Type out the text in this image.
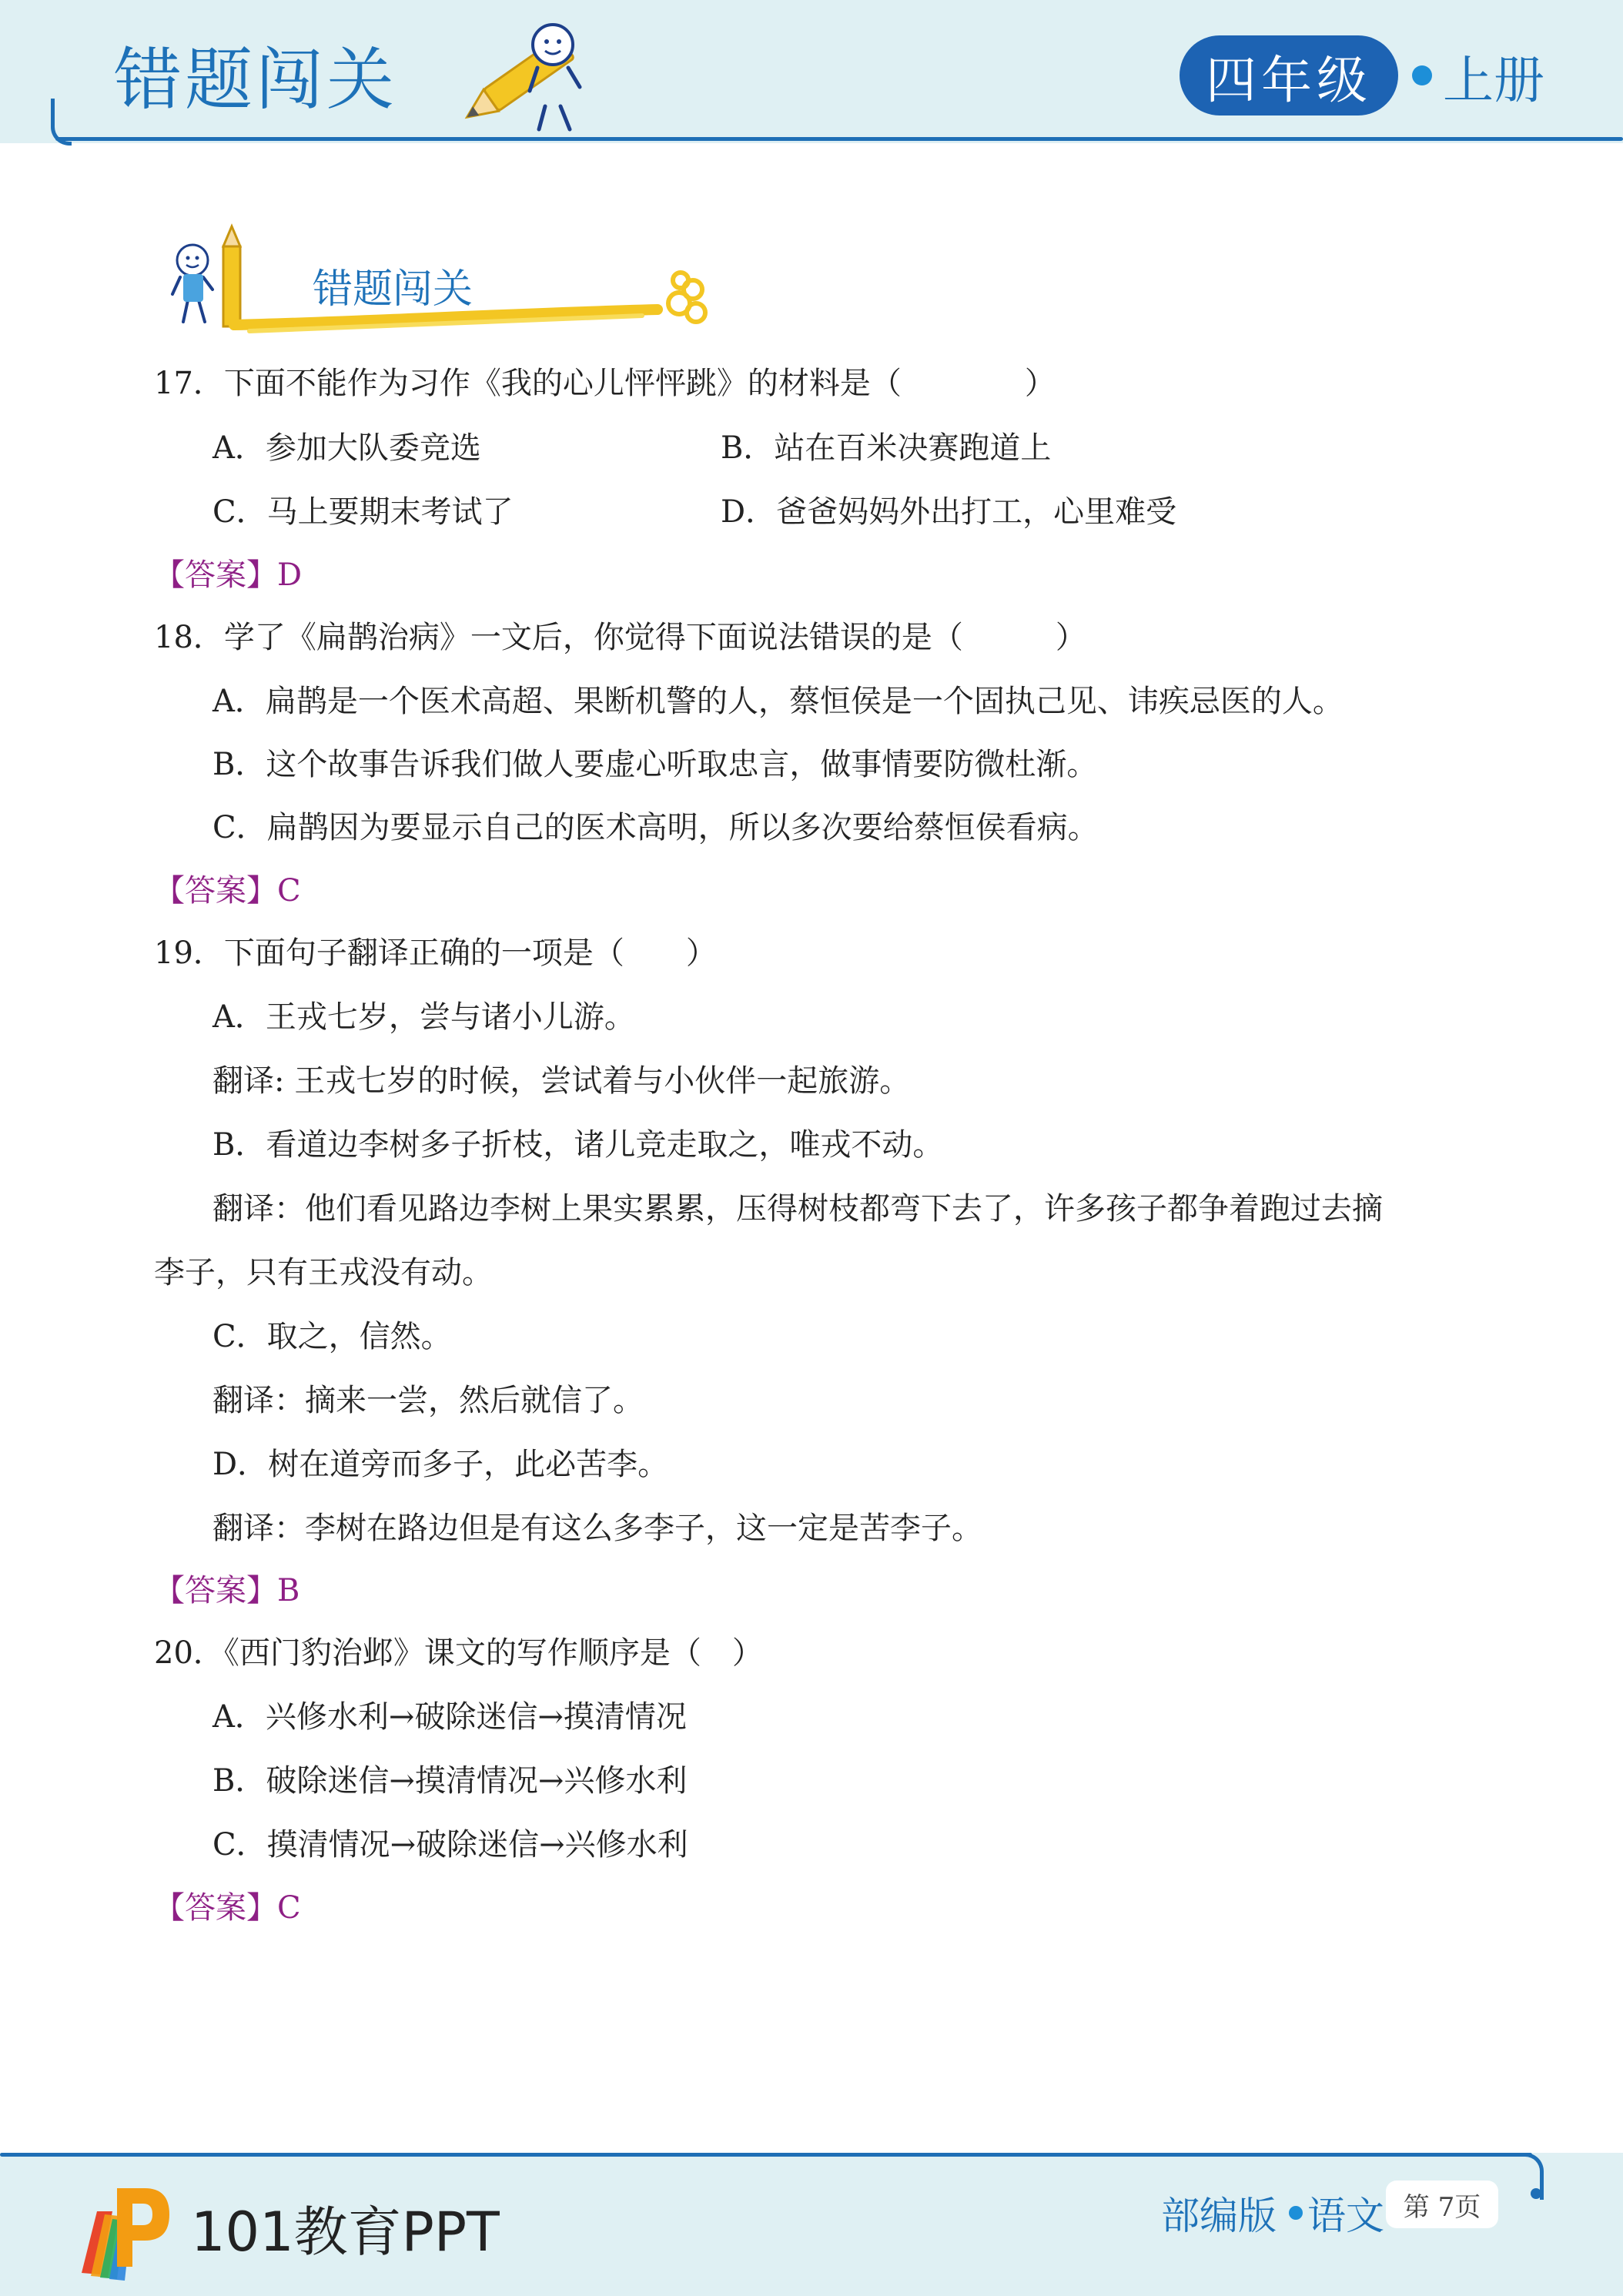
错题闯关	四年级	上册
错题闯关
17．下面不能作为习作《我的心儿怦怦跳》的材料是（　　　　）
A．参加大队委竞选	B．站在百米决赛跑道上
C．马上要期末考试了	D．爸爸妈妈外出打工，心里难受
【答案】D
18．学了《扁鹊治病》一文后，你觉得下面说法错误的是（　　　）
A．扁鹊是一个医术高超、果断机警的人，蔡恒侯是一个固执己见、讳疾忌医的人。
B．这个故事告诉我们做人要虚心听取忠言，做事情要防微杜渐。
C．扁鹊因为要显示自己的医术高明，所以多次要给蔡恒侯看病。
【答案】C
19．下面句子翻译正确的一项是（　　）
A．王戎七岁，尝与诸小儿游。
翻译: 王戎七岁的时候，尝试着与小伙伴一起旅游。
B．看道边李树多子折枝，诸儿竞走取之，唯戎不动。
翻译：他们看见路边李树上果实累累，压得树枝都弯下去了，许多孩子都争着跑过去摘
李子，只有王戎没有动。
C．取之，信然。
翻译：摘来一尝，然后就信了。
D．树在道旁而多子，此必苦李。
翻译：李树在路边但是有这么多李子，这一定是苦李子。
【答案】B
20．《西门豹治邺》课文的写作顺序是（　）
A．兴修水利→破除迷信→摸清情况
B．破除迷信→摸清情况→兴修水利
C．摸清情况→破除迷信→兴修水利
【答案】C
101教育PPT	部编版 语文 第 7页
